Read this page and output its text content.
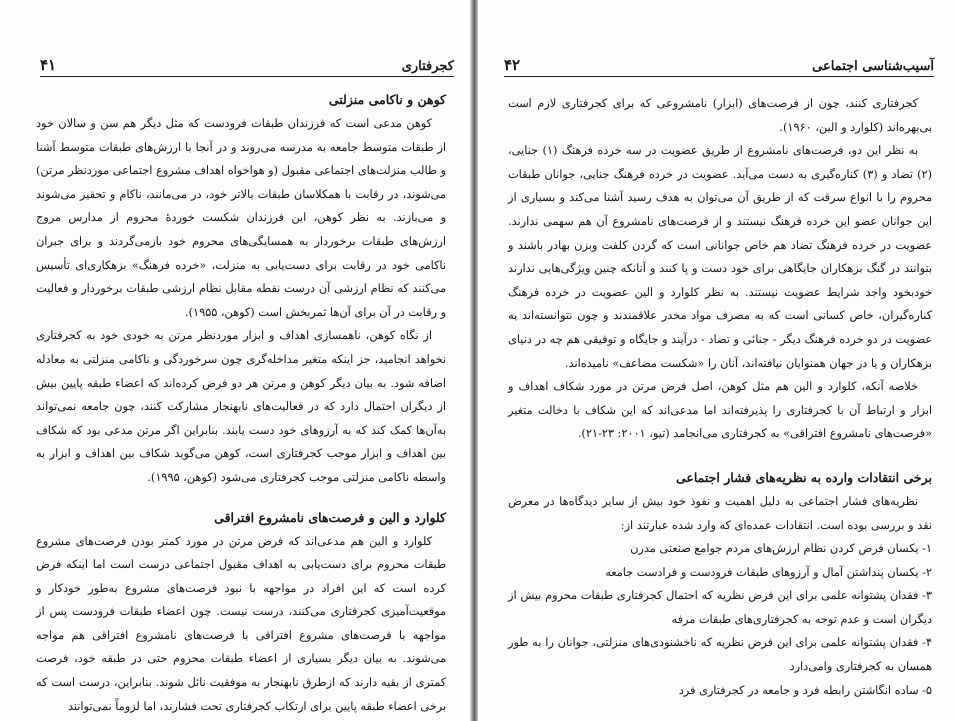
کجرفتاری
۴۱
کوهن و ناکامی منزلتی

کوهن مدعی است که فرزندان طبقات فرودست که مثل دیگر هم سن و سالان خود از طبقات متوسط جامعه به مدرسه می‌روند و در آنجا با ارزش‌های طبقات متوسط آشنا و طالب منزلت‌های اجتماعی مقبول (و هواخواه اهداف مشروع اجتماعی موردنظر مرتن) می‌شوند، در رقابت با همکلاسان طبقات بالاتر خود، در می‌مانند، ناکام و تحقیر می‌شوند و می‌بازند. به نظر کوهن، این فرزندان شکست خوردهٔ محروم از مدارس مروج ارزش‌های طبقات برخوردار به همسایگی‌های محروم خود بازمی‌گردند و برای جبران ناکامی خود در رقابت برای دست‌یابی به منزلت، «خرده فرهنگ» بزهکاری‌ای تأسیس می‌کنند که نظام ارزشی آن درست نقطه مقابل نظام ارزشی طبقات برخوردار و فعالیت و رقابت در آن برای آن‌ها ثمربخش است (کوهن، ۱۹۵۵).

از نگاه کوهن، ناهمسازی اهداف و ابزار موردنظر مرتن به خودی خود به کجرفتاری نخواهد انجامید، جز اینکه متغیر مداخله‌گری چون سرخوردگی و ناکامی منزلتی به معادله اضافه شود. به بیان دیگر کوهن و مرتن هر دو فرض کرده‌اند که اعضاء طبقه پایین بیش از دیگران احتمال دارد که در فعالیت‌های نابهنجار مشارکت کنند، چون جامعه نمی‌تواند به‌آن‌ها کمک کند که به آرزوهای خود دست یابند. بنابراین اگر مرتن مدعی بود که شکاف بین اهداف و ابزار موجب کجرفتاری است، کوهن می‌گوید شکاف بین اهداف و ابزار به واسطه ناکامی منزلتی موجب کجرفتاری می‌شود (کوهن، ۱۹۹۵).

کلوارد و الین و فرصت‌های نامشروع افتراقی

کلوارد و الین هم مدعی‌اند که فرض مرتن در مورد کمتر بودن فرصت‌های مشروع طبقات محروم برای دست‌یابی به اهداف مقبول اجتماعی درست است اما اینکه فرض کرده است که این افراد در مواجهه با نبود فرصت‌های مشروع به‌طور خودکار و موقعیت‌آمیزی کجرفتاری می‌کنند، درست نیست. چون اعضاء طبقات فرودست پس از مواجهه با فرصت‌های مشروع افتراقی با فرصت‌های نامشروع افتراقی هم مواجه می‌شوند. به بیان دیگر بسیاری از اعضاء طبقات محروم حتی در طبقه خود، فرصت کمتری از بقیه دارند که ازطرق نابهنجار به موفقیت نائل شوند. بنابراین، درست است که برخی اعضاء طبقه پایین برای ارتکاب کجرفتاری تحت فشارند، اما لزوماً نمی‌توانند

آسیب‌شناسی اجتماعی
۴۲

کجرفتاری کنند، چون از فرصت‌های (ابزار) نامشروعی که برای کجرفتاری لازم است بی‌بهره‌اند (کلوارد و الین، ۱۹۶۰).

به نظر این دو، فرصت‌های نامشروع از طریق عضویت در سه خرده فرهنگ (۱) جنایی، (۲) تضاد و (۳) کناره‌گیری به دست می‌آید. عضویت در خرده فرهنگ جنایی، جوانان طبقات محروم را با انواع سرقت که از طریق آن می‌توان به هدف رسید آشنا می‌کند و بسیاری از این جوانان عضو این خرده فرهنگ نیستند و از فرصت‌های نامشروع آن هم سهمی ندارند. عضویت در خرده فرهنگ تضاد هم خاص جوانانی است که گردن کلفت وبزن بهادر باشند و بتوانند در گنگ بزهکاران جایگاهی برای خود دست و پا کنند و آنانکه چنین ویژگی‌هایی ندارند خودبخود واجد شرایط عضویت نیستند. به نظر کلوارد و الین عضویت در خرده فرهنگ کناره‌گیران، خاص کسانی است که به مصرف مواد مخدر علاقمندند و چون نتوانسته‌اند به عضویت در دو خرده فرهنگ دیگر - جنائی و تضاد - درآیند و جایگاه و توفیقی هم چه در دنیای بزهکاران و یا در جهان همنوایان نیافته‌اند، آنان را «شکست مضاعف» نامیده‌اند.

خلاصه آنکه، کلوارد و الین هم مثل کوهن، اصل فرض مرتن در مورد شکاف اهداف و ابزار و ارتباط آن با کجرفتاری را پذیرفته‌اند اما مدعی‌اند که این شکاف با دخالت متغیر «فرصت‌های نامشروع افتراقی» به کجرفتاری می‌انجامد (تیو، ۲۰۰۱: ۲۳-۲۱).

برخی انتقادات وارده به نظریه‌های فشار اجتماعی

نظریه‌های فشار اجتماعی به دلیل اهمیت و نفوذ خود بیش از سایر دیدگاه‌ها در معرض نقد و بررسی بوده است. انتقادات عمده‌ای که وارد شده عبارتند از:

۱- یکسان فرض کردن نظام ارزش‌های مردم جوامع صنعتی مدرن
۲- یکسان پنداشتن آمال و آرزوهای طبقات فرودست و فرادست جامعه
۳- فقدان پشتوانه علمی برای این فرض نظریه که احتمال کجرفتاری طبقات محروم بیش از دیگران است و عدم توجه به کجرفتاری‌های طبقات مرفه
۴- فقدان پشتوانه علمی برای این فرض نظریه که ناخشنودی‌های منزلتی، جوانان را به طور همسان به کجرفتاری وامی‌دارد
۵- ساده انگاشتن رابطه فرد و جامعه در کجرفتاری فرد
